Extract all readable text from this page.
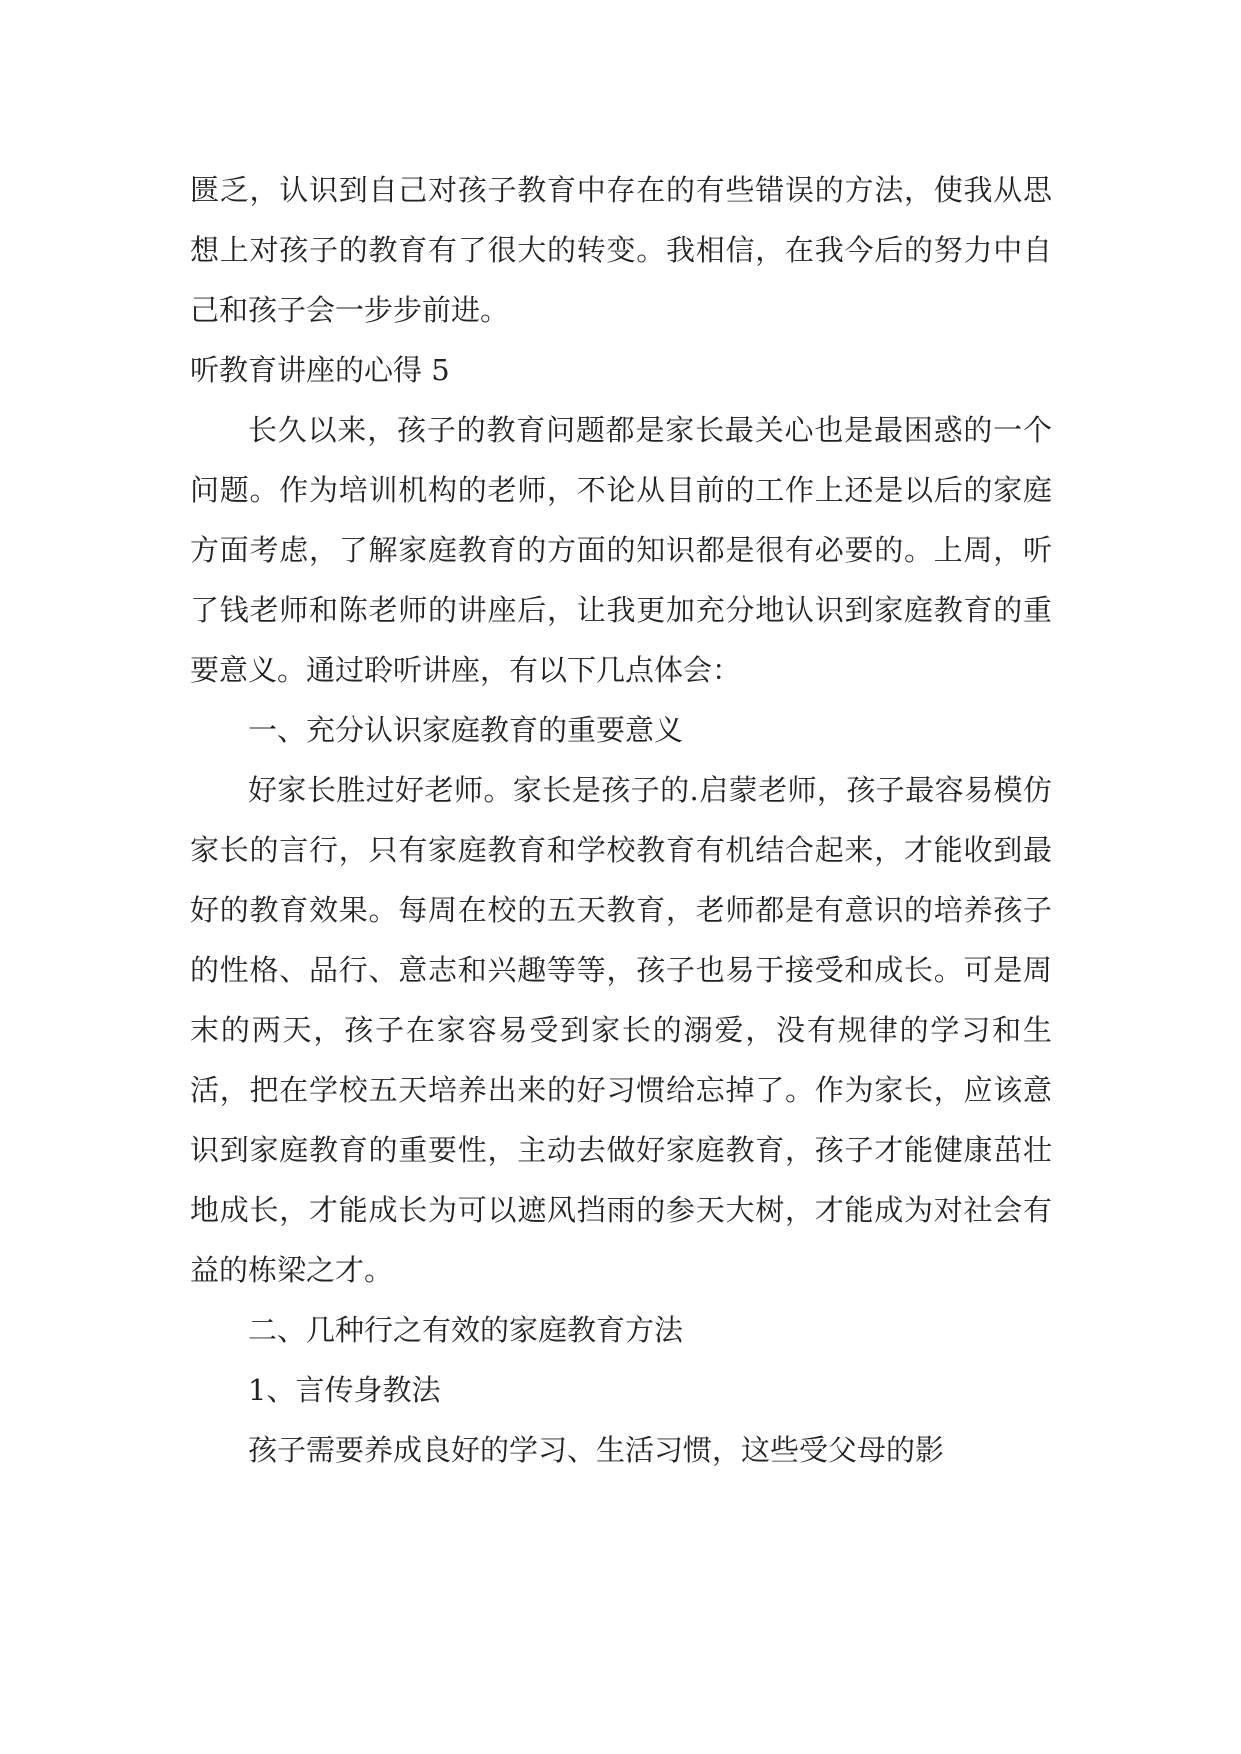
匮乏，认识到自己对孩子教育中存在的有些错误的方法，使我从思想上对孩子的教育有了很大的转变。我相信，在我今后的努力中自己和孩子会一步步前进。

听教育讲座的心得 5

长久以来，孩子的教育问题都是家长最关心也是最困惑的一个问题。作为培训机构的老师，不论从目前的工作上还是以后的家庭方面考虑，了解家庭教育的方面的知识都是很有必要的。上周，听了钱老师和陈老师的讲座后，让我更加充分地认识到家庭教育的重要意义。通过聆听讲座，有以下几点体会：

一、充分认识家庭教育的重要意义

好家长胜过好老师。家长是孩子的.启蒙老师，孩子最容易模仿家长的言行，只有家庭教育和学校教育有机结合起来，才能收到最好的教育效果。每周在校的五天教育，老师都是有意识的培养孩子的性格、品行、意志和兴趣等等，孩子也易于接受和成长。可是周末的两天，孩子在家容易受到家长的溺爱，没有规律的学习和生活，把在学校五天培养出来的好习惯给忘掉了。作为家长，应该意识到家庭教育的重要性，主动去做好家庭教育，孩子才能健康茁壮地成长，才能成长为可以遮风挡雨的参天大树，才能成为对社会有益的栋梁之才。

二、几种行之有效的家庭教育方法

1、言传身教法

孩子需要养成良好的学习、生活习惯，这些受父母的影
